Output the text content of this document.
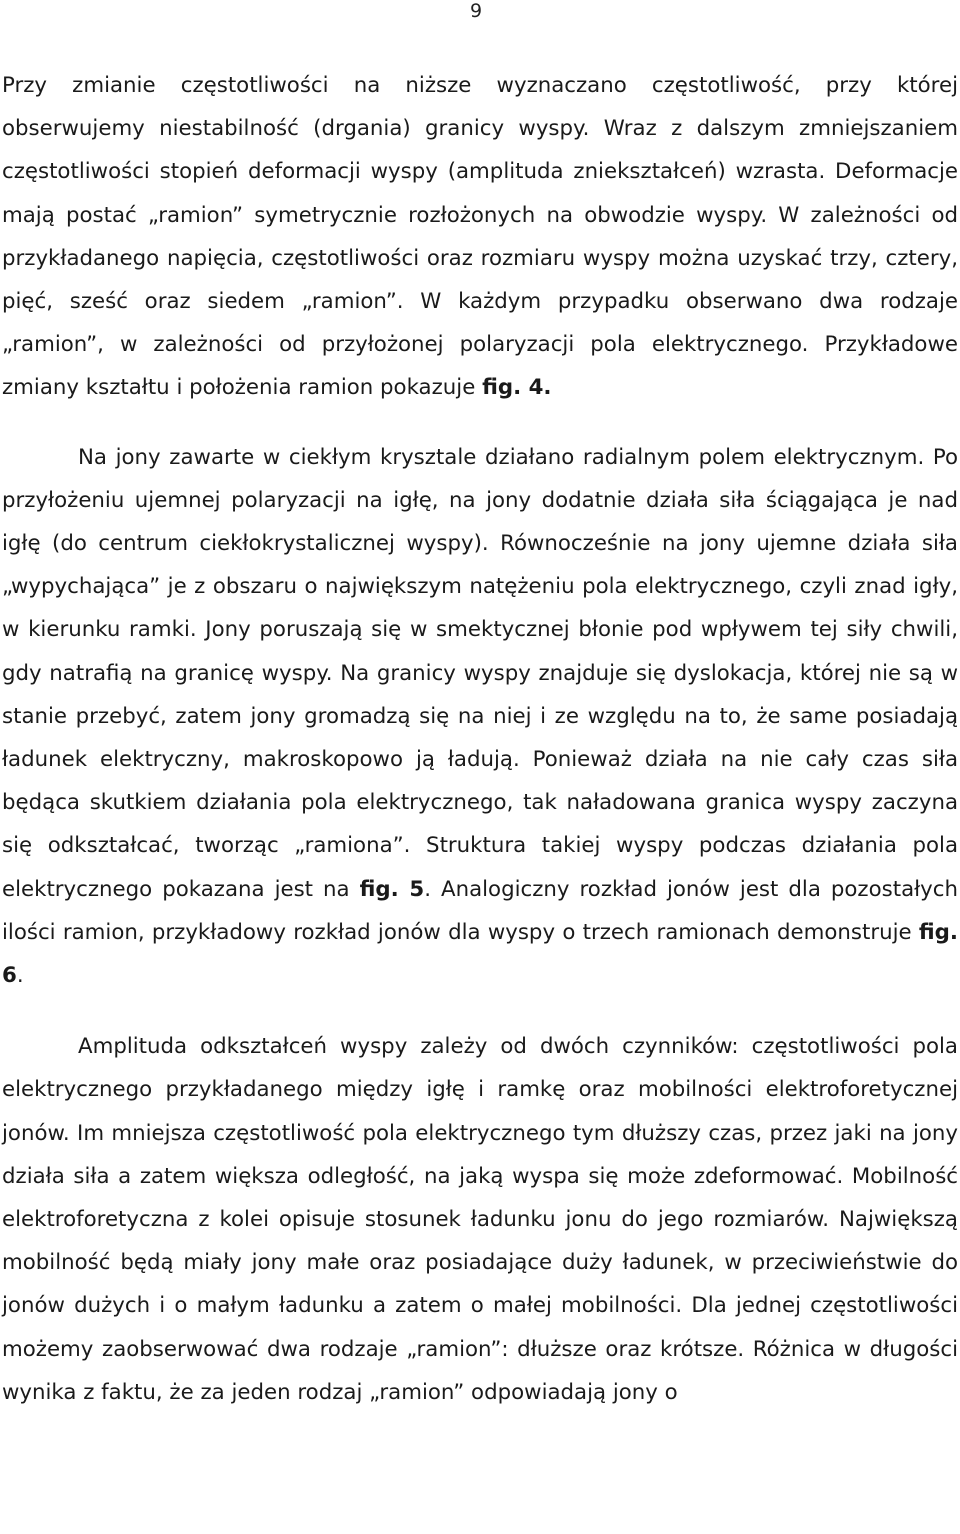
9

Przy zmianie częstotliwości na niższe wyznaczano częstotliwość, przy której obserwujemy niestabilność (drgania) granicy wyspy. Wraz z dalszym zmniejszaniem częstotliwości stopień deformacji wyspy (amplituda zniekształceń) wzrasta. Deformacje mają postać „ramion” symetrycznie rozłożonych na obwodzie wyspy. W zależności od przykładanego napięcia, częstotliwości oraz rozmiaru wyspy można uzyskać trzy, cztery, pięć, sześć oraz siedem „ramion”. W każdym przypadku obserwano dwa rodzaje „ramion”, w zależności od przyłożonej polaryzacji pola elektrycznego. Przykładowe zmiany kształtu i położenia ramion pokazuje fig. 4.

Na jony zawarte w ciekłym krysztale działano radialnym polem elektrycznym. Po przyłożeniu ujemnej polaryzacji na igłę, na jony dodatnie działa siła ściągająca je nad igłę (do centrum ciekłokrystalicznej wyspy). Równocześnie na jony ujemne działa siła „wypychająca” je z obszaru o największym natężeniu pola elektrycznego, czyli znad igły, w kierunku ramki. Jony poruszają się w smektycznej błonie pod wpływem tej siły chwili, gdy natrafią na granicę wyspy. Na granicy wyspy znajduje się dyslokacja, której nie są w stanie przebyć, zatem jony gromadzą się na niej i ze względu na to, że same posiadają ładunek elektryczny, makroskopowo ją ładują. Ponieważ działa na nie cały czas siła będąca skutkiem działania pola elektrycznego, tak naładowana granica wyspy zaczyna się odkształcać, tworząc „ramiona”. Struktura takiej wyspy podczas działania pola elektrycznego pokazana jest na fig. 5. Analogiczny rozkład jonów jest dla pozostałych ilości ramion, przykładowy rozkład jonów dla wyspy o trzech ramionach demonstruje fig. 6.

Amplituda odkształceń wyspy zależy od dwóch czynników: częstotliwości pola elektrycznego przykładanego między igłę i ramkę oraz mobilności elektroforetycznej jonów. Im mniejsza częstotliwość pola elektrycznego tym dłuższy czas, przez jaki na jony działa siła a zatem większa odległość, na jaką wyspa się może zdeformować. Mobilność elektroforetyczna z kolei opisuje stosunek ładunku jonu do jego rozmiarów. Największą mobilność będą miały jony małe oraz posiadające duży ładunek, w przeciwieństwie do jonów dużych i o małym ładunku a zatem o małej mobilności. Dla jednej częstotliwości możemy zaobserwować dwa rodzaje „ramion”: dłuższe oraz krótsze. Różnica w długości wynika z faktu, że za jeden rodzaj „ramion” odpowiadają jony o
